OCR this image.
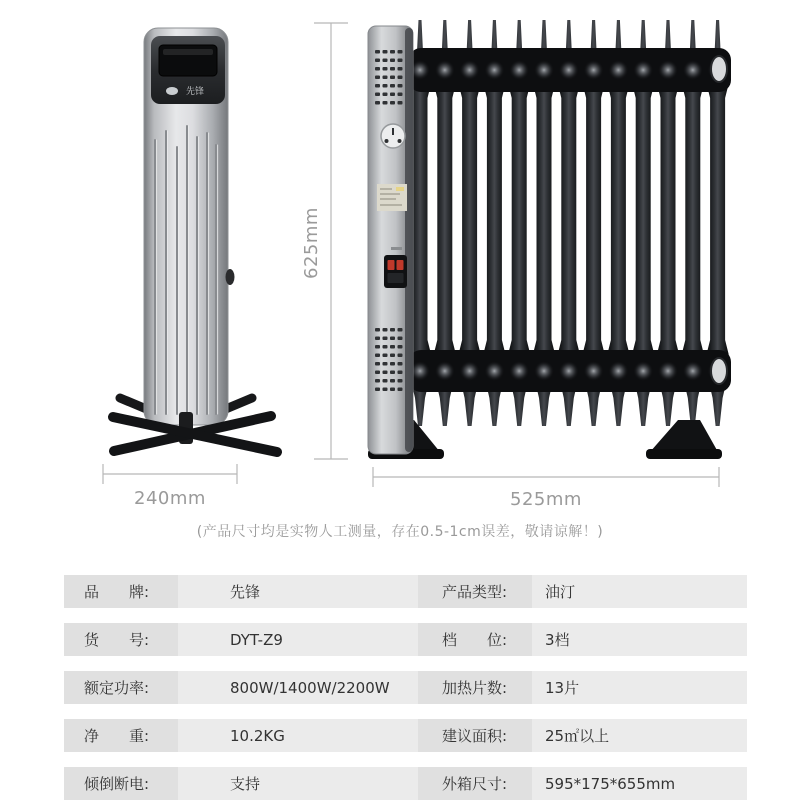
先锋
625mm
240mm	525mm
(产品尺寸均是实物人工测量，存在0.5-1cm误差，敬请谅解！)
品　　牌:	先锋	产品类型:	油汀
货　　号:	DYT-Z9	档　　位:	3档
额定功率:	800W/1400W/2200W	加热片数:	13片
净　　重:	10.2KG	建议面积:	25㎡以上
倾倒断电:	支持	外箱尺寸:	595*175*655mm
